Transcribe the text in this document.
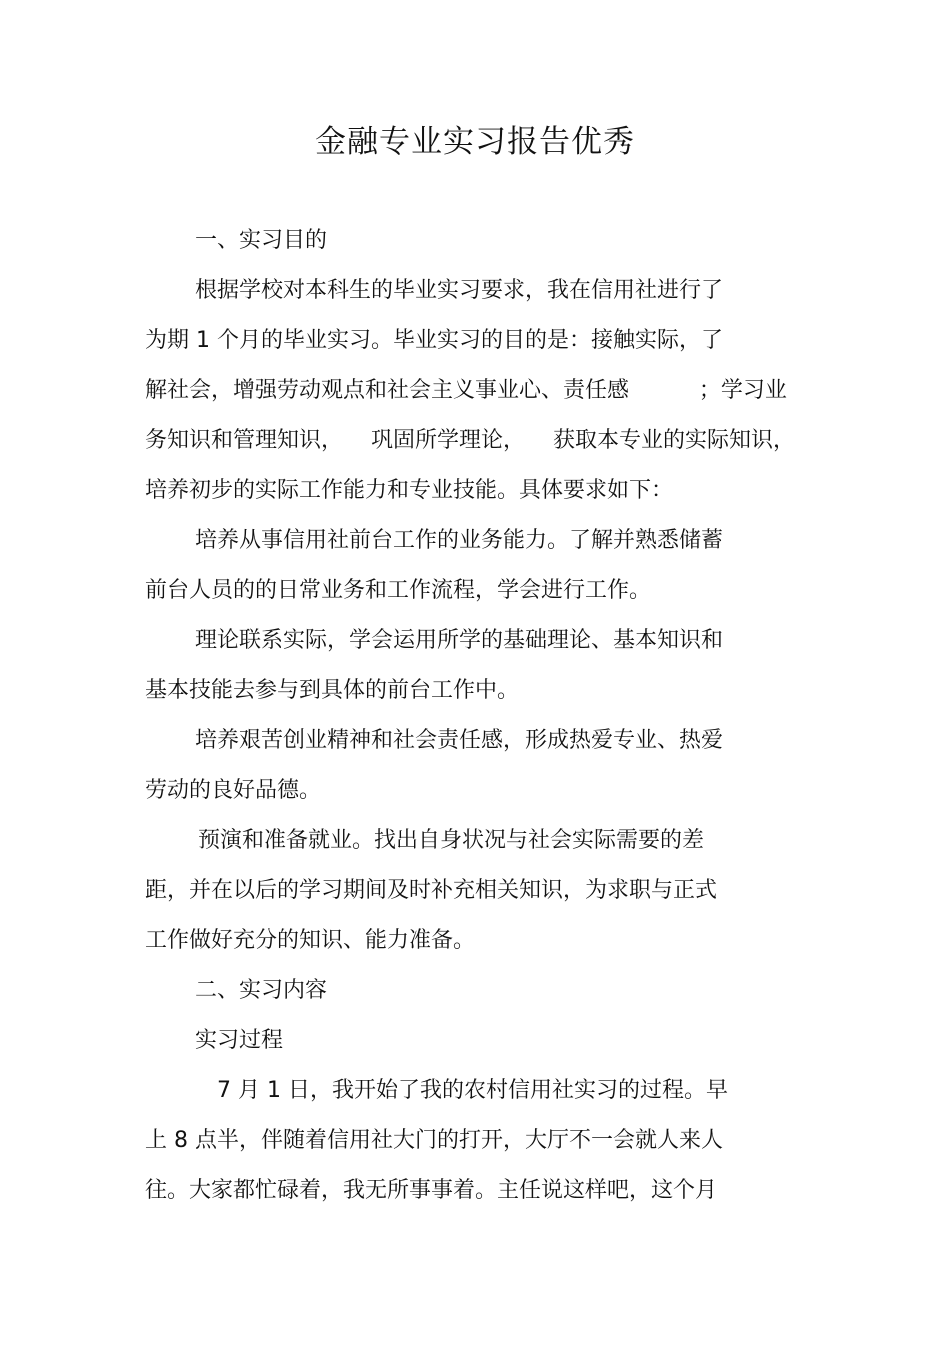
金融专业实习报告优秀
一、实习目的
根据学校对本科生的毕业实习要求，我在信用社进行了
为期 1 个月的毕业实习。毕业实习的目的是：接触实际，了
解社会，增强劳动观点和社会主义事业心、责任感          ；学习业
务知识和管理知识，    巩固所学理论，    获取本专业的实际知识，
培养初步的实际工作能力和专业技能。具体要求如下：
培养从事信用社前台工作的业务能力。了解并熟悉储蓄
前台人员的的日常业务和工作流程，学会进行工作。
理论联系实际，学会运用所学的基础理论、基本知识和
基本技能去参与到具体的前台工作中。
培养艰苦创业精神和社会责任感，形成热爱专业、热爱
劳动的良好品德。
预演和准备就业。找出自身状况与社会实际需要的差
距，并在以后的学习期间及时补充相关知识，为求职与正式
工作做好充分的知识、能力准备。
二、实习内容
实习过程
7 月 1 日，我开始了我的农村信用社实习的过程。早
上 8 点半，伴随着信用社大门的打开，大厅不一会就人来人
往。大家都忙碌着，我无所事事着。主任说这样吧，这个月
